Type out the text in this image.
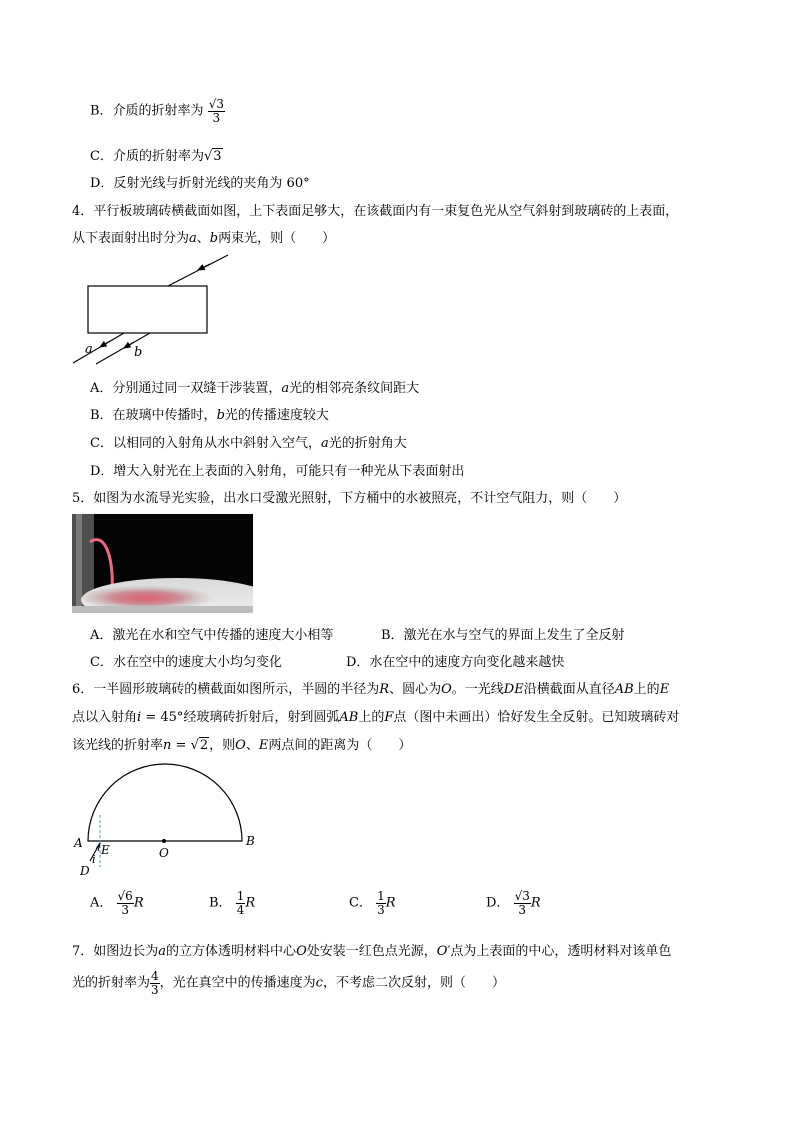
B．介质的折射率为 $\frac{√3}{3}$
C．介质的折射率为√3
D．反射光线与折射光线的夹角为 60°
4．平行板玻璃砖横截面如图，上下表面足够大，在该截面内有一束复色光从空气斜射到玻璃砖的上表面，
从下表面射出时分为a、b两束光，则（　　）
a	b
A．分别通过同一双缝干涉装置，a光的相邻亮条纹间距大
B．在玻璃中传播时，b光的传播速度较大
C．以相同的入射角从水中斜射入空气，a光的折射角大
D．增大入射光在上表面的入射角，可能只有一种光从下表面射出
5．如图为水流导光实验，出水口受激光照射，下方桶中的水被照亮，不计空气阻力，则（　　）
A．激光在水和空气中传播的速度大小相等	B．激光在水与空气的界面上发生了全反射
C．水在空中的速度大小均匀变化	D．水在空中的速度方向变化越来越快
6．一半圆形玻璃砖的横截面如图所示，半圆的半径为R、圆心为O。一光线DE沿横截面从直径AB上的E
点以入射角i = 45°经玻璃砖折射后，射到圆弧AB上的F点（图中未画出）恰好发生全反射。已知玻璃砖对
该光线的折射率n = √2，则O、E两点间的距离为（　　）
A	B
E	O
i
D
A． $\frac{√6}{3}$ R	B． $\frac{1}{4}$ R	C． $\frac{1}{3}$ R	D． $\frac{√3}{3}$ R
7．如图边长为a的立方体透明材料中心O处安装一红色点光源，O′点为上表面的中心，透明材料对该单色
光的折射率为 $\frac{4}{3}$ ，光在真空中的传播速度为c，不考虑二次反射，则（　　）
